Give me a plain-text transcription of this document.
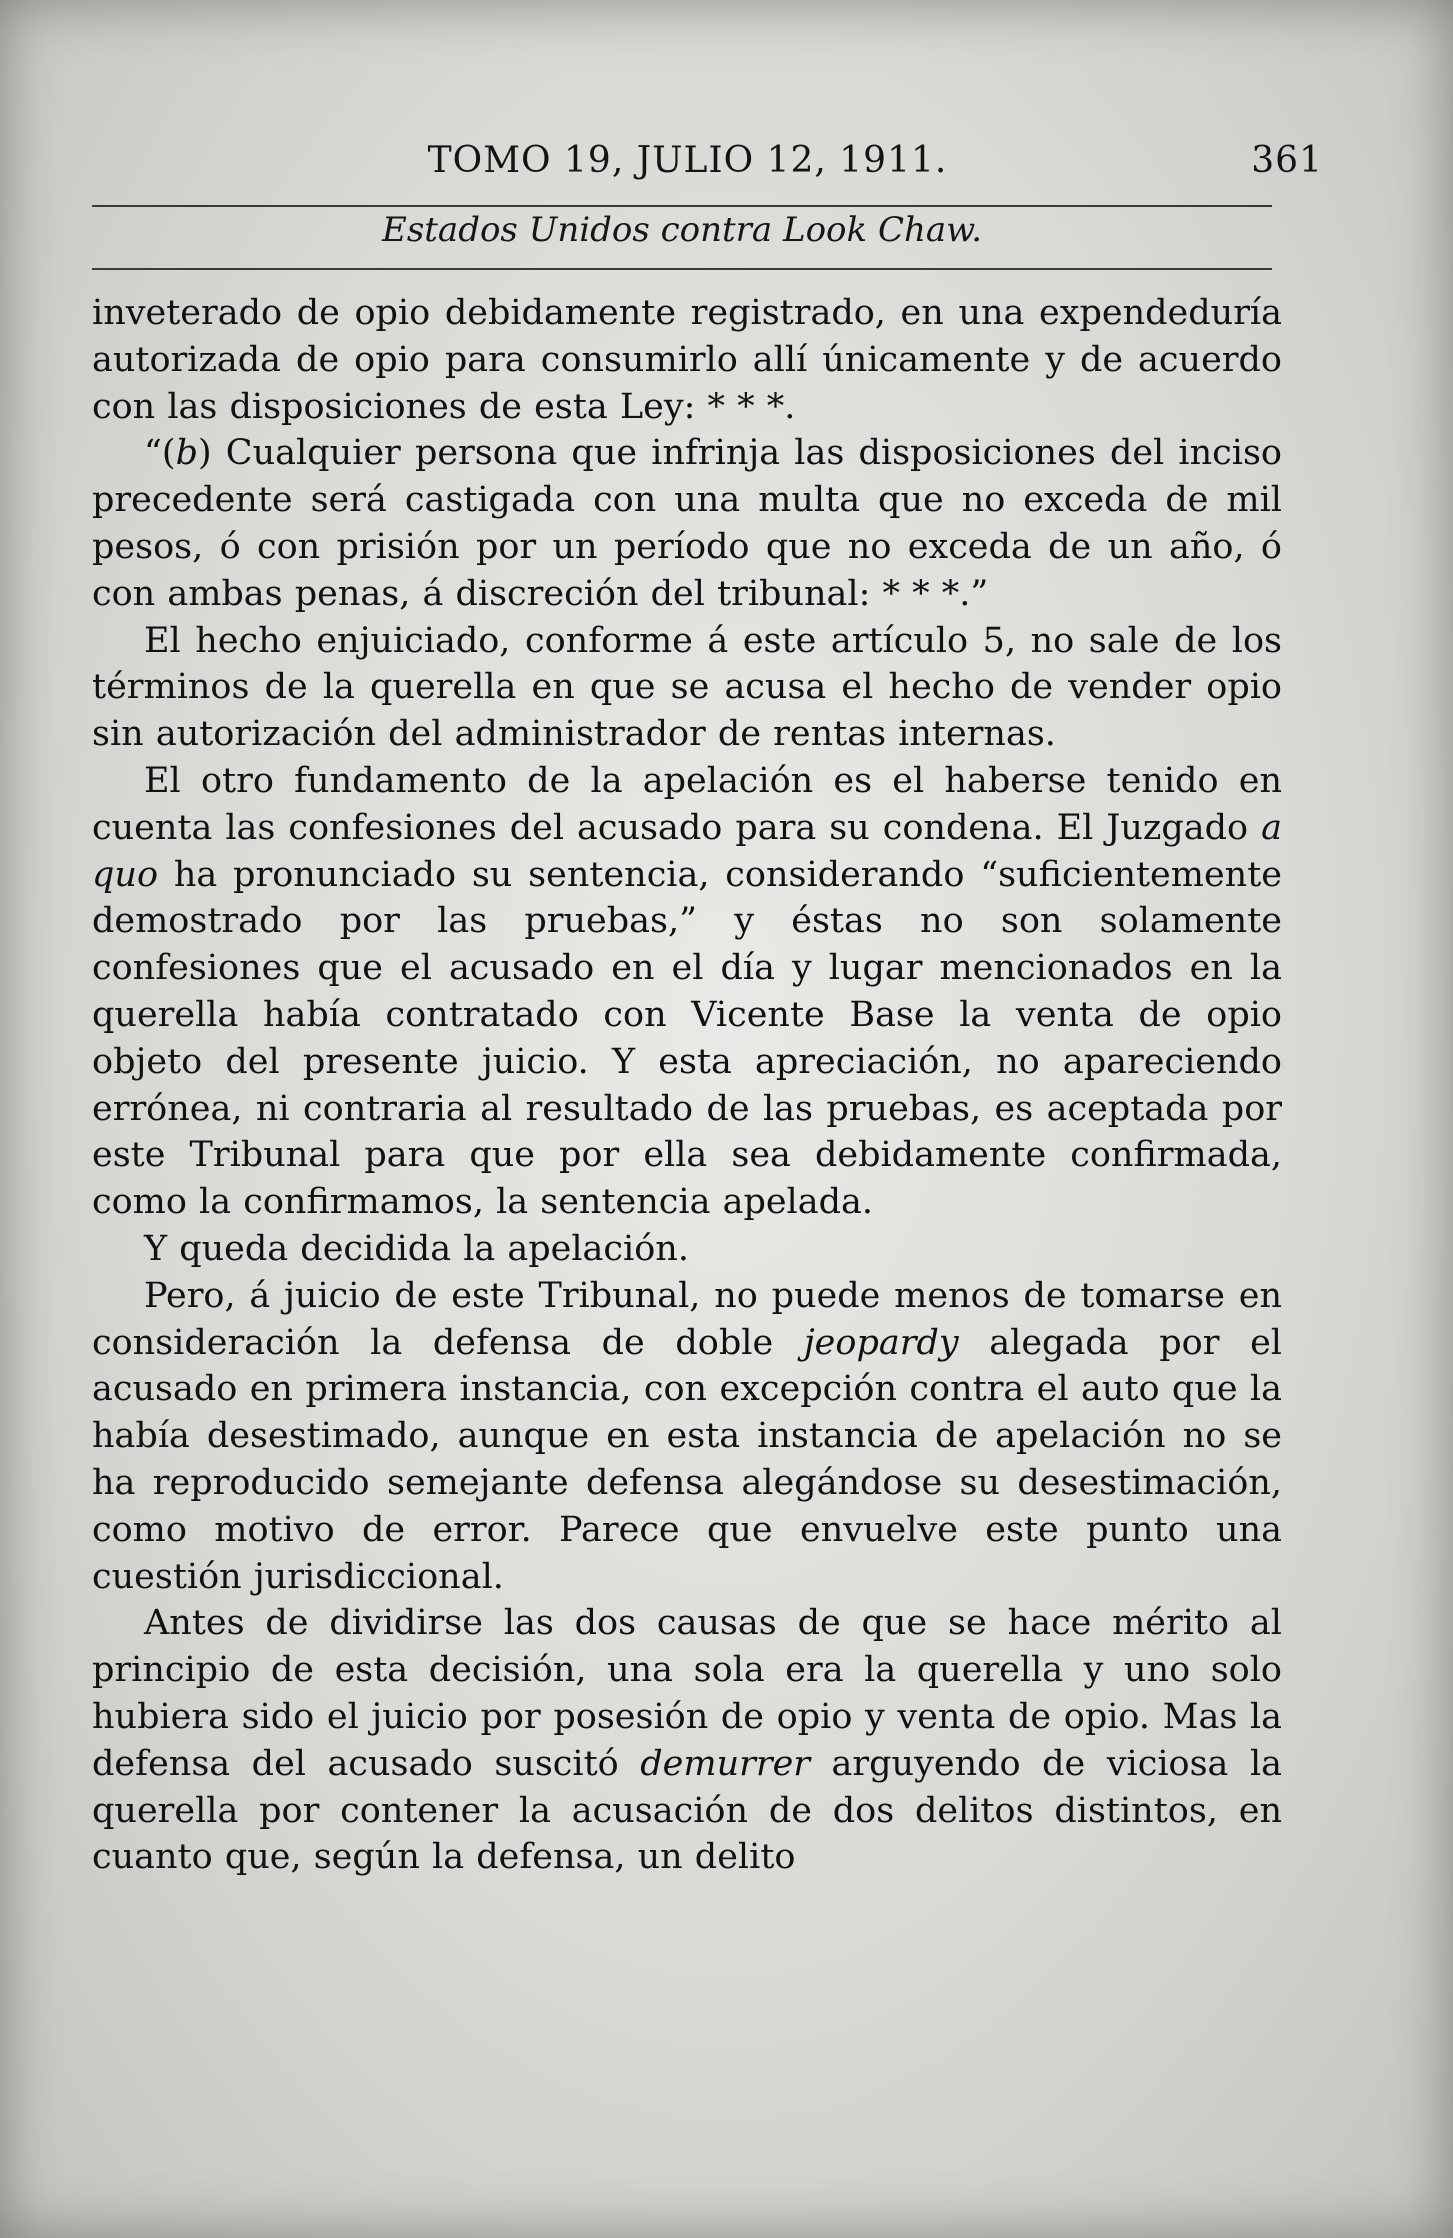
TOMO 19, JULIO 12, 1911.	361
Estados Unidos contra Look Chaw.

inveterado de opio debidamente registrado, en una expendeduría autorizada de opio para consumirlo allí únicamente y de acuerdo con las disposiciones de esta Ley: * * *.

“(b) Cualquier persona que infrinja las disposiciones del inciso precedente será castigada con una multa que no exceda de mil pesos, ó con prisión por un período que no exceda de un año, ó con ambas penas, á discreción del tribunal: * * *.”

El hecho enjuiciado, conforme á este artículo 5, no sale de los términos de la querella en que se acusa el hecho de vender opio sin autorización del administrador de rentas internas.

El otro fundamento de la apelación es el haberse tenido en cuenta las confesiones del acusado para su condena. El Juzgado a quo ha pronunciado su sentencia, considerando “suficientemente demostrado por las pruebas,” y éstas no son solamente confesiones que el acusado en el día y lugar mencionados en la querella había contratado con Vicente Base la venta de opio objeto del presente juicio. Y esta apreciación, no apareciendo errónea, ni contraria al resultado de las pruebas, es aceptada por este Tribunal para que por ella sea debidamente confirmada, como la confirmamos, la sentencia apelada.

Y queda decidida la apelación.

Pero, á juicio de este Tribunal, no puede menos de tomarse en consideración la defensa de doble jeopardy alegada por el acusado en primera instancia, con excepción contra el auto que la había desestimado, aunque en esta instancia de apelación no se ha reproducido semejante defensa alegándose su desestimación, como motivo de error. Parece que envuelve este punto una cuestión jurisdiccional.

Antes de dividirse las dos causas de que se hace mérito al principio de esta decisión, una sola era la querella y uno solo hubiera sido el juicio por posesión de opio y venta de opio. Mas la defensa del acusado suscitó demurrer arguyendo de viciosa la querella por contener la acusación de dos delitos distintos, en cuanto que, según la defensa, un delito
